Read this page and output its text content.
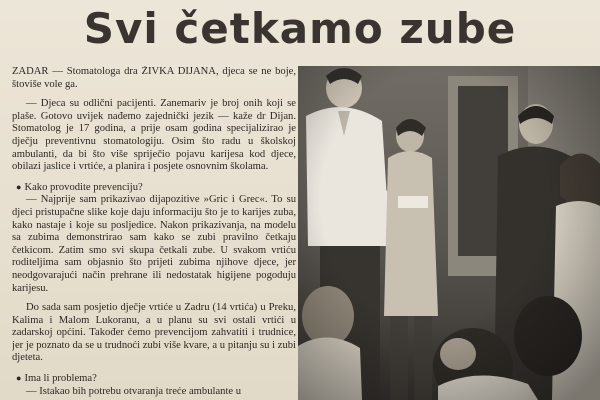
Svi četkamo zube

ZADAR — Stomatologa dra ŽIVKA DIJANA, djeca se ne boje, štoviše vole ga.

— Djeca su odlični pacijenti. Zanemariv je broj onih koji se plaše. Gotovo uvijek nađemo zajednički jezik — kaže dr Dijan. Stomatolog je 17 godina, a prije osam godina specijalizirao je dječju preventivnu stomatologiju. Osim što radu u školskoj ambulanti, da bi što više spriječio pojavu karijesa kod djece, obilazi jaslice i vrtiće, a planira i posjete osnovnim školama.

● Kako provodite prevenciju?

— Najprije sam prikazivao dijapozitive »Gric i Grec«. To su djeci pristupačne slike koje daju informaciju što je to karijes zuba, kako nastaje i koje su posljedice. Nakon prikazivanja, na modelu sa zubima demonstrirao sam kako se zubi pravilno četkaju četkicom. Zatim smo svi skupa četkali zube. U svakom vrtiću roditeljima sam objasnio što prijeti zubima njihove djece, jer neodgovarajući način prehrane ili nedostatak higijene pogoduju karijesu.

Do sada sam posjetio dječje vrtiće u Zadru (14 vrtića) u Preku, Kalima i Malom Lukoranu, a u planu su svi ostali vrtići u zadarskoj općini. Također ćemo prevencijom zahvatiti i trudnice, jer je poznato da se u trudnoći zubi više kvare, a u pitanju su i zubi djeteta.

● Ima li problema?

— Istakao bih potrebu otvaranja treće ambulante u
